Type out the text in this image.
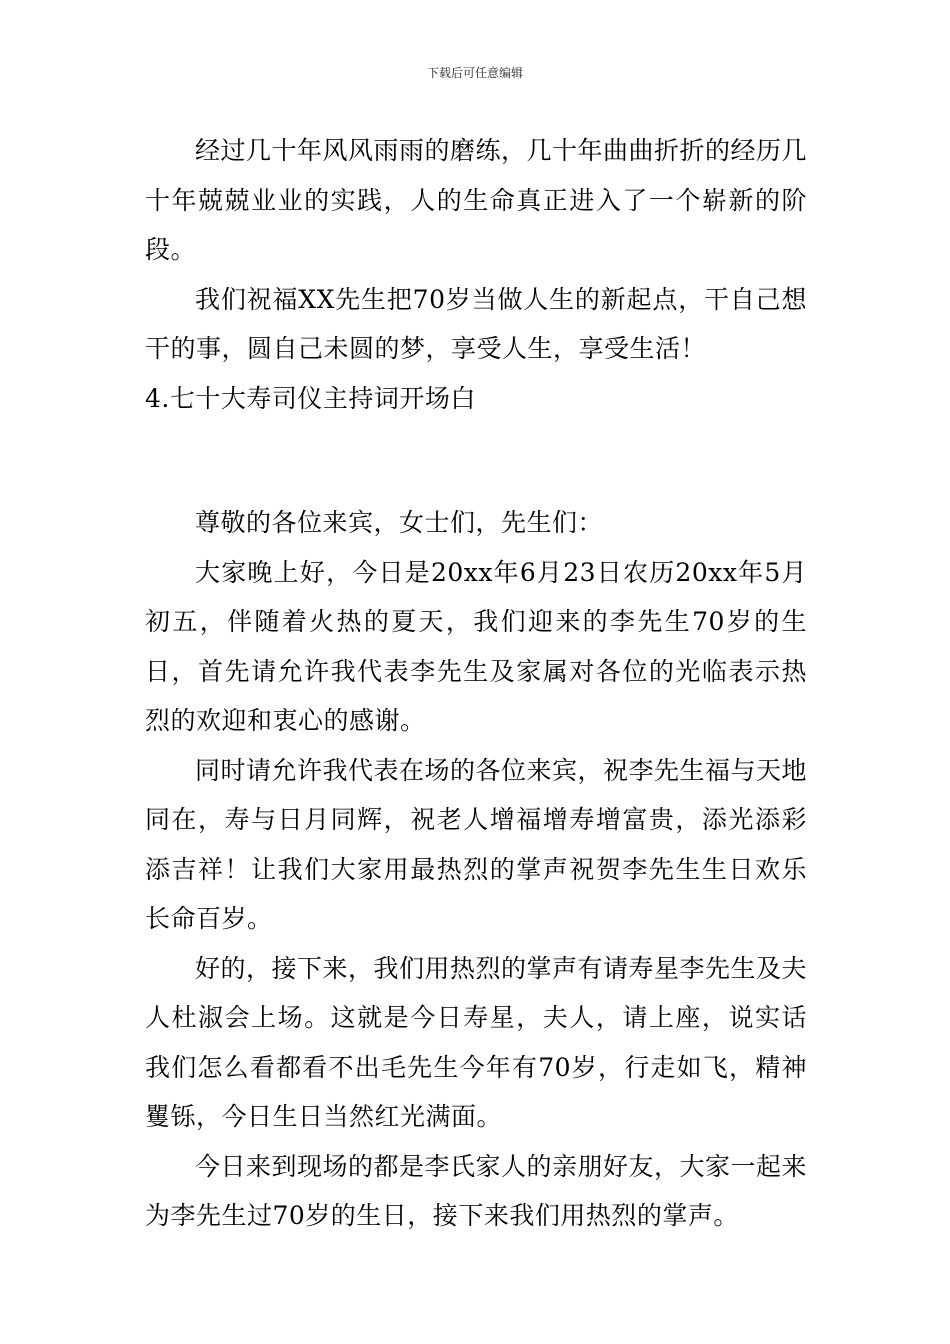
下载后可任意编辑

经过几十年风风雨雨的磨练，几十年曲曲折折的经历几十年兢兢业业的实践，人的生命真正进入了一个崭新的阶段。

我们祝福XX先生把70岁当做人生的新起点，干自己想干的事，圆自己未圆的梦，享受人生，享受生活！

4.七十大寿司仪主持词开场白

尊敬的各位来宾，女士们，先生们：

大家晚上好，今日是20xx年6月23日农历20xx年5月初五，伴随着火热的夏天，我们迎来的李先生70岁的生日，首先请允许我代表李先生及家属对各位的光临表示热烈的欢迎和衷心的感谢。

同时请允许我代表在场的各位来宾，祝李先生福与天地同在，寿与日月同辉，祝老人增福增寿增富贵，添光添彩添吉祥！让我们大家用最热烈的掌声祝贺李先生生日欢乐长命百岁。

好的，接下来，我们用热烈的掌声有请寿星李先生及夫人杜淑会上场。这就是今日寿星，夫人，请上座，说实话我们怎么看都看不出毛先生今年有70岁，行走如飞，精神矍铄，今日生日当然红光满面。

今日来到现场的都是李氏家人的亲朋好友，大家一起来为李先生过70岁的生日，接下来我们用热烈的掌声。
